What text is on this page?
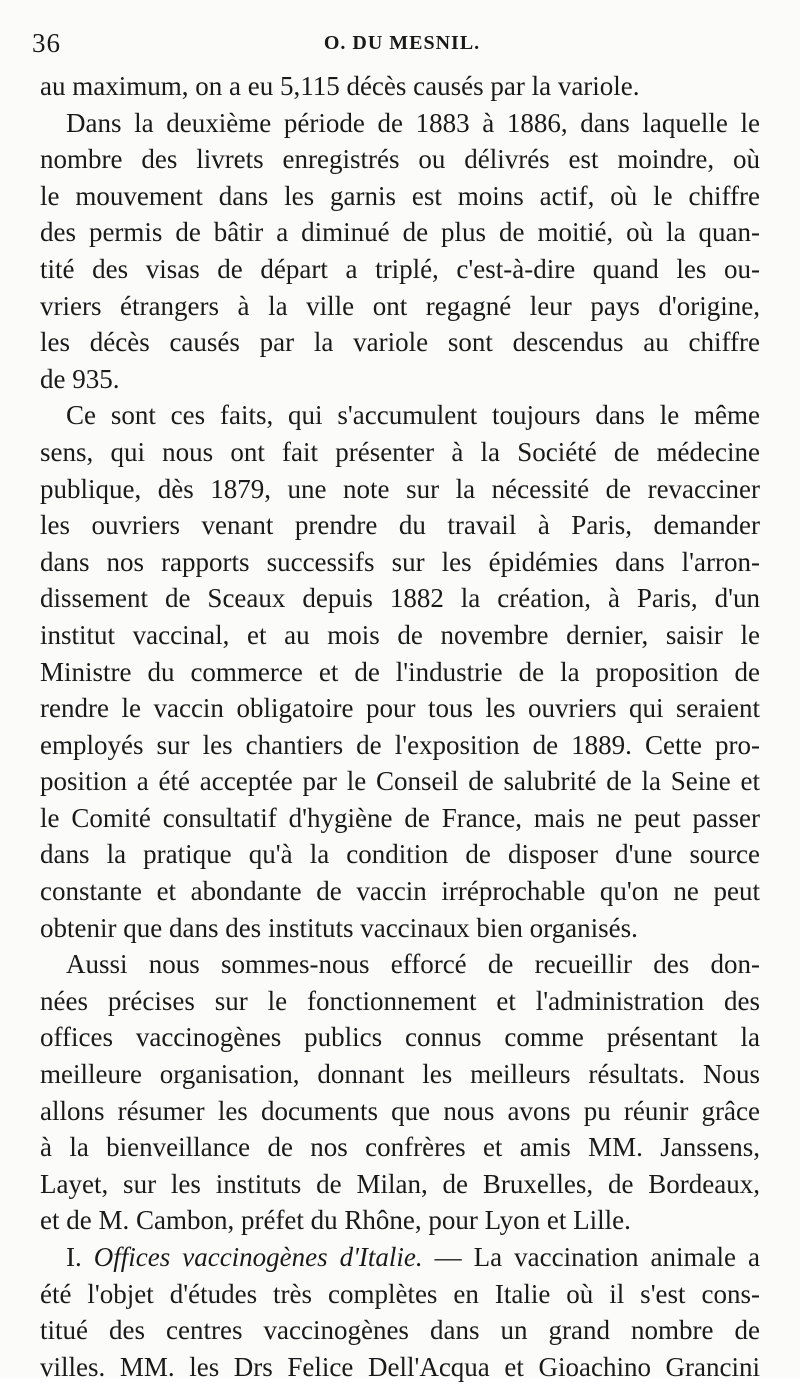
36	O. DU MESNIL.
au maximum, on a eu 5,115 décès causés par la variole.
Dans la deuxième période de 1883 à 1886, dans laquelle le
nombre des livrets enregistrés ou délivrés est moindre, où
le mouvement dans les garnis est moins actif, où le chiffre
des permis de bâtir a diminué de plus de moitié, où la quan-
tité des visas de départ a triplé, c'est-à-dire quand les ou-
vriers étrangers à la ville ont regagné leur pays d'origine,
les décès causés par la variole sont descendus au chiffre
de 935.
Ce sont ces faits, qui s'accumulent toujours dans le même
sens, qui nous ont fait présenter à la Société de médecine
publique, dès 1879, une note sur la nécessité de revacciner
les ouvriers venant prendre du travail à Paris, demander
dans nos rapports successifs sur les épidémies dans l'arron-
dissement de Sceaux depuis 1882 la création, à Paris, d'un
institut vaccinal, et au mois de novembre dernier, saisir le
Ministre du commerce et de l'industrie de la proposition de
rendre le vaccin obligatoire pour tous les ouvriers qui seraient
employés sur les chantiers de l'exposition de 1889. Cette pro-
position a été acceptée par le Conseil de salubrité de la Seine et
le Comité consultatif d'hygiène de France, mais ne peut passer
dans la pratique qu'à la condition de disposer d'une source
constante et abondante de vaccin irréprochable qu'on ne peut
obtenir que dans des instituts vaccinaux bien organisés.
Aussi nous sommes-nous efforcé de recueillir des don-
nées précises sur le fonctionnement et l'administration des
offices vaccinogènes publics connus comme présentant la
meilleure organisation, donnant les meilleurs résultats. Nous
allons résumer les documents que nous avons pu réunir grâce
à la bienveillance de nos confrères et amis MM. Janssens,
Layet, sur les instituts de Milan, de Bruxelles, de Bordeaux,
et de M. Cambon, préfet du Rhône, pour Lyon et Lille.
I. Offices vaccinogènes d'Italie. — La vaccination animale a
été l'objet d'études très complètes en Italie où il s'est cons-
titué des centres vaccinogènes dans un grand nombre de
villes. MM. les Drs Felice Dell'Acqua et Gioachino Grancini
